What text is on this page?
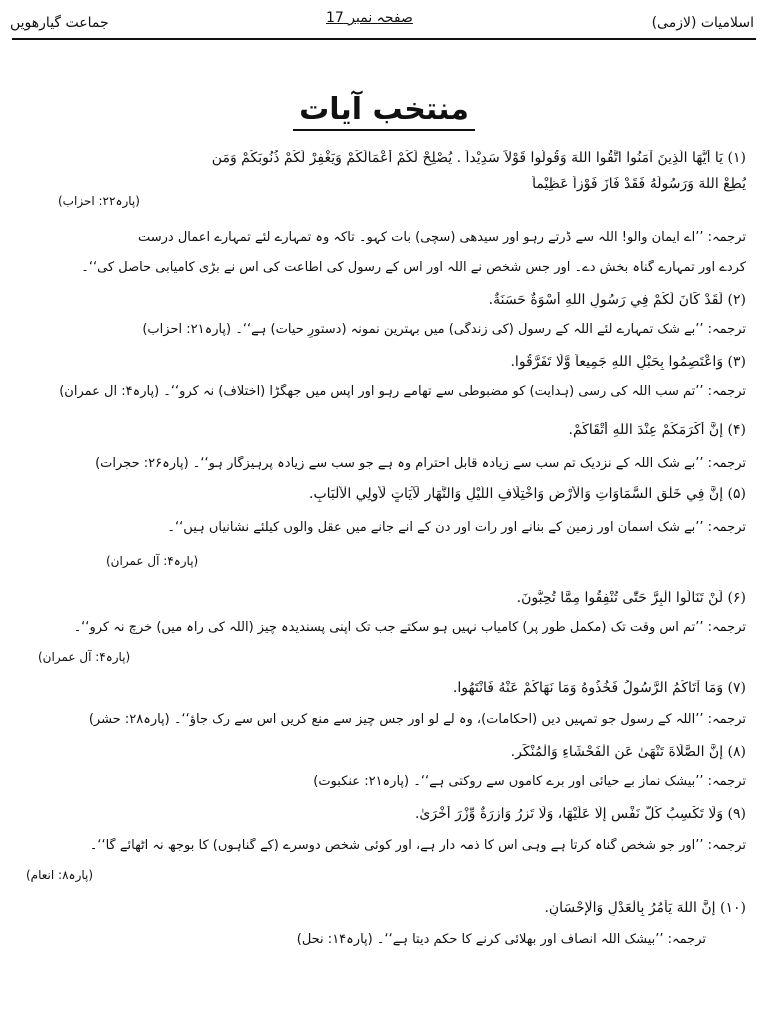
اسلامیات (لازمی)
جماعت گیارھویں	صفحہ نمبر 17
منتخب آیات
(۱) يَا أَيُّهَا الَّذِينَ آمَنُوا اتَّقُوا اللهَ وَقُولُوا قَوْلاً سَدِيْداً . يُصْلِحْ لَكُمْ أَعْمَالَكُمْ وَيَغْفِرْ لَكُمْ ذُنُوبَكُمْ وَمَن
يُطِعْ اللهَ وَرَسُولَهُ فَقَدْ فَازَ فَوْزاً عَظِيْماً
(پارہ۲۲: احزاب)
ترجمہ: ’’اے ایمان والو! اللہ سے ڈرتے رہو اور سیدھی (سچی) بات کہو۔ تاکہ وہ تمہارے لئے تمہارے اعمال درست
کردے اور تمہارے گناہ بخش دے۔ اور جس شخص نے اللہ اور اس کے رسول کی اطاعت کی اس نے بڑی کامیابی حاصل کی‘‘۔
(۲) لَقَدْ كَانَ لَكُمْ فِي رَسُولِ اللهِ أُسْوَةٌ حَسَنَةٌ.
ترجمہ: ’’بے شک تمہارے لئے اللہ کے رسول (کی زندگی) میں بہترین نمونہ (دستورِ حیات) ہے‘‘۔ (پارہ۲۱: احزاب)
(۳) وَاعْتَصِمُوا بِحَبْلِ اللهِ جَمِيعاً وَّلَا تَفَرَّقُوا.
ترجمہ: ’’تم سب اللہ کی رسی (ہدایت) کو مضبوطی سے تھامے رہو اور آپس میں جھگڑا (اختلاف) نہ کرو‘‘۔ (پارہ۴: آل عمران)
(۴) إِنَّ أَكْرَمَكُمْ عِنْدَ اللهِ أَتْقَاكُمْ.
ترجمہ: ’’بے شک اللہ کے نزدیک تم سب سے زیادہ قابل احترام وہ ہے جو سب سے زیادہ پرہیزگار ہو‘‘۔ (پارہ۲۶: حجرات)
(۵) إِنَّ فِي خَلْقِ السَّمَاوَاتِ وَالْأَرْضِ وَاخْتِلَافِ اللَّيْلِ وَالنَّهَارِ لَآيَاتٍ لِّأُولِي الْأَلْبَابِ.
ترجمہ: ’’بے شک آسمان اور زمین کے بنانے اور رات اور دن کے آنے جانے میں عقل والوں کیلئے نشانیاں ہیں‘‘۔
(پارہ۴: آل عمران)
(۶) لَنْ تَنَالُوا الْبِرَّ حَتّٰى تُنْفِقُوا مِمَّا تُحِبُّونَ.
ترجمہ: ’’تم اس وقت تک (مکمل طور پر) کامیاب نہیں ہو سکتے جب تک اپنی پسندیدہ چیز (اللہ کی راہ میں) خرچ نہ کرو‘‘۔
(پارہ۴: آل عمران)
(۷) وَمَا آتَاكُمُ الرَّسُولُ فَخُذُوهُ وَمَا نَهَاكُمْ عَنْهُ فَانْتَهُوا.
ترجمہ: ’’اللہ کے رسول جو تمہیں دیں (احکامات)، وہ لے لو اور جس چیز سے منع کریں اس سے رک جاؤ‘‘۔ (پارہ۲۸: حشر)
(۸) إِنَّ الصَّلَاةَ تَنْهَىٰ عَنِ الْفَحْشَاءِ وَالْمُنْكَرِ.
ترجمہ: ’’بیشک نماز بے حیائی اور برے کاموں سے روکتی ہے‘‘۔ (پارہ۲۱: عنکبوت)
(۹) وَلَا تَكْسِبُ كُلُّ نَفْسٍ إِلَّا عَلَيْهَا، وَلَا تَزِرُ وَازِرَةٌ وِّزْرَ أُخْرَىٰ.
ترجمہ: ’’اور جو شخص گناہ کرتا ہے وہی اس کا ذمہ دار ہے، اور کوئی شخص دوسرے (کے گناہوں) کا بوجھ نہ اٹھائے گا‘‘۔
(پارہ۸: انعام)
(۱۰) إِنَّ اللهَ يَأْمُرُ بِالْعَدْلِ وَالْإِحْسَانِ.
ترجمہ: ’’بیشک اللہ انصاف اور بھلائی کرنے کا حکم دیتا ہے‘‘۔ (پارہ۱۴: نحل)
